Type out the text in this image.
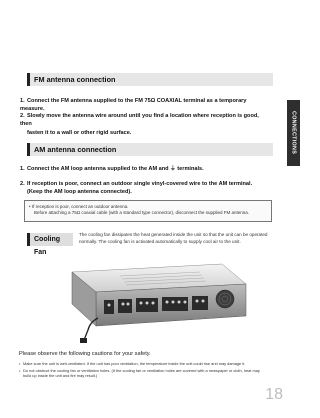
CONNECTIONS
FM antenna connection
1. Connect the FM antenna supplied to the FM 75Ω COAXIAL terminal as a temporary measure.
2. Slowly move the antenna wire around until you find a location where reception is good, then
fasten it to a wall or other rigid surface.
AM antenna connection
1. Connect the AM loop antenna supplied to the AM and ⏚ terminals.
2. If reception is poor, connect an outdoor single vinyl-covered wire to the AM terminal.
(Keep the AM loop antenna connected).
• If reception is poor, connect an outdoor antenna.
Before attaching a 75Ω coaxial cable (with a standard type connector), disconnect the supplied FM antenna.
Cooling Fan
The cooling fan dissipates the heat generated inside the unit so that the unit can be operated
normally. The cooling fan is activated automatically to supply cool air to the unit.
Please observe the following cautions for your safety.
• Make sure the unit is well-ventilated. If the unit has poor ventilation, the temperature inside the unit could rise and may damage it.
• Do not obstruct the cooling fan or ventilation holes. (If the cooling fan or ventilation holes are covered with a newspaper or cloth, heat may
build up inside the unit and fire may result.)
18
